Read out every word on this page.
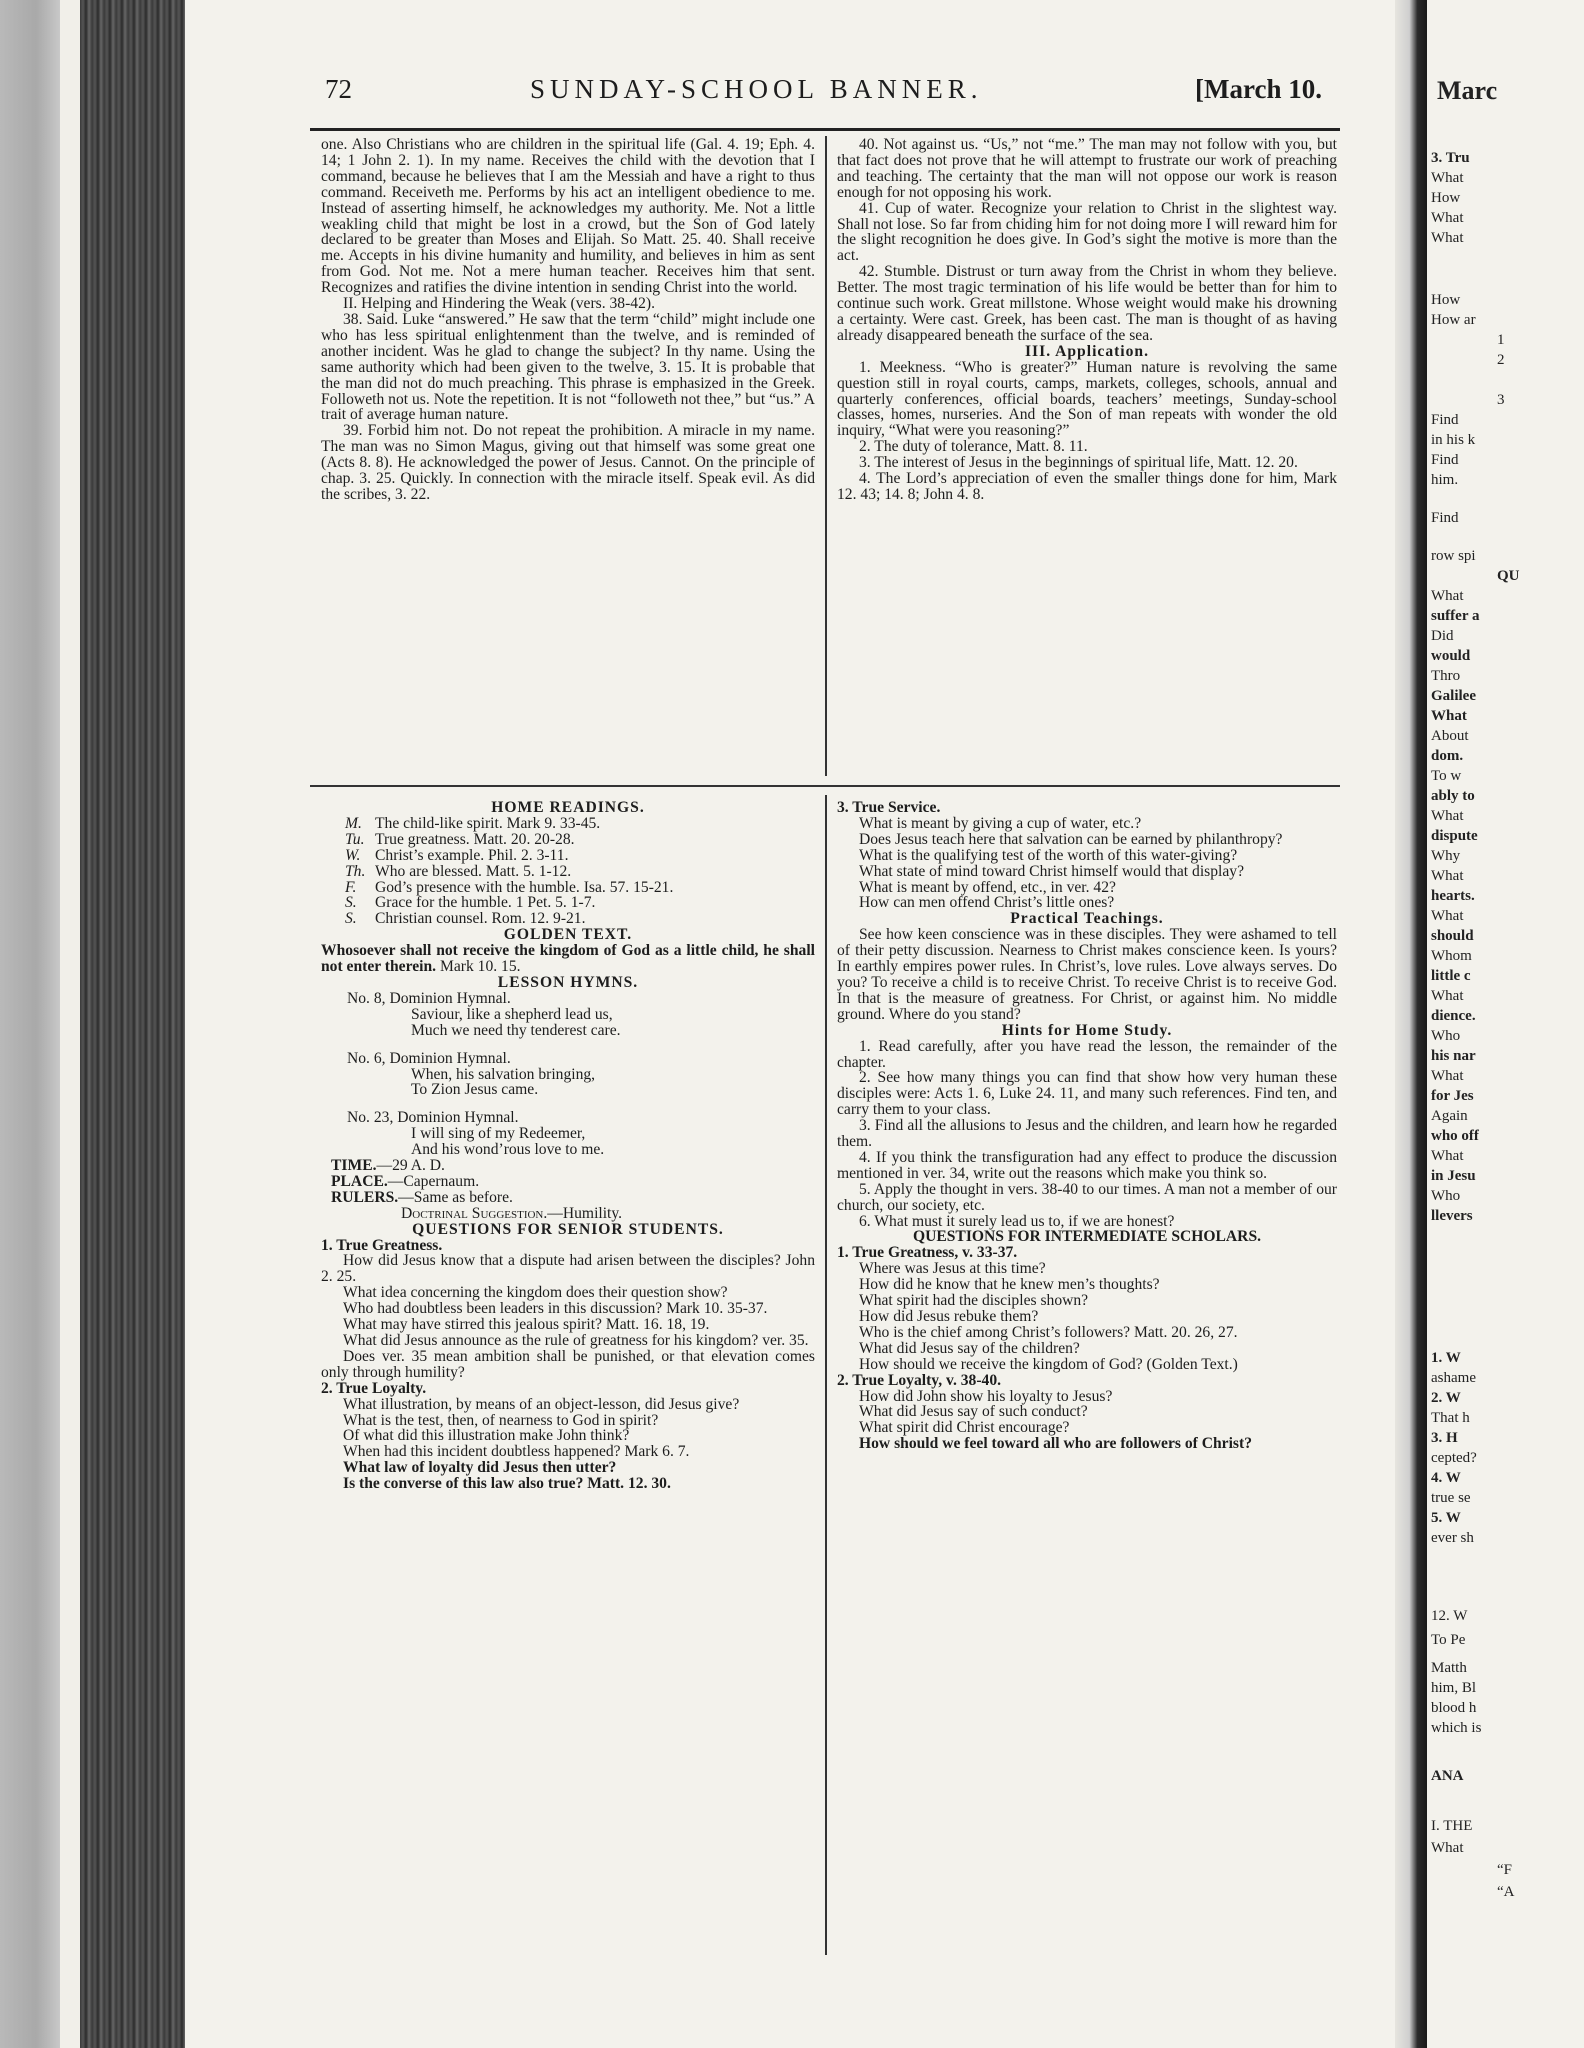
72	SUNDAY-SCHOOL BANNER.	[March 10.

one. Also Christians who are children in the spiritual life (Gal. 4. 19; Eph. 4. 14; 1 John 2. 1). In my name. Receives the child with the devotion that I command, because he believes that I am the Messiah and have a right to thus command. Receiveth me. Performs by his act an intelligent obedience to me. Instead of asserting himself, he acknowledges my authority. Me. Not a little weakling child that might be lost in a crowd, but the Son of God lately declared to be greater than Moses and Elijah. So Matt. 25. 40. Shall receive me. Accepts in his divine humanity and humility, and believes in him as sent from God. Not me. Not a mere human teacher. Receives him that sent. Recognizes and ratifies the divine intention in sending Christ into the world.

II. Helping and Hindering the Weak (vers. 38-42).

38. Said. Luke “answered.” He saw that the term “child” might include one who has less spiritual enlightenment than the twelve, and is reminded of another incident. Was he glad to change the subject? In thy name. Using the same authority which had been given to the twelve, 3. 15. It is probable that the man did not do much preaching. This phrase is emphasized in the Greek. Followeth not us. Note the repetition. It is not “followeth not thee,” but “us.” A trait of average human nature.

39. Forbid him not. Do not repeat the prohibition. A miracle in my name. The man was no Simon Magus, giving out that himself was some great one (Acts 8. 8). He acknowledged the power of Jesus. Cannot. On the principle of chap. 3. 25. Quickly. In connection with the miracle itself. Speak evil. As did the scribes, 3. 22.

40. Not against us. “Us,” not “me.” The man may not follow with you, but that fact does not prove that he will attempt to frustrate our work of preaching and teaching. The certainty that the man will not oppose our work is reason enough for not opposing his work.

41. Cup of water. Recognize your relation to Christ in the slightest way. Shall not lose. So far from chiding him for not doing more I will reward him for the slight recognition he does give. In God’s sight the motive is more than the act.

42. Stumble. Distrust or turn away from the Christ in whom they believe. Better. The most tragic termination of his life would be better than for him to continue such work. Great millstone. Whose weight would make his drowning a certainty. Were cast. Greek, has been cast. The man is thought of as having already disappeared beneath the surface of the sea.

III. Application.

1. Meekness. “Who is greater?” Human nature is revolving the same question still in royal courts, camps, markets, colleges, schools, annual and quarterly conferences, official boards, teachers’ meetings, Sunday-school classes, homes, nurseries. And the Son of man repeats with wonder the old inquiry, “What were you reasoning?”

2. The duty of tolerance, Matt. 8. 11.

3. The interest of Jesus in the beginnings of spiritual life, Matt. 12. 20.

4. The Lord’s appreciation of even the smaller things done for him, Mark 12. 43; 14. 8; John 4. 8.

HOME READINGS.

M. The child-like spirit. Mark 9. 33-45.

Tu. True greatness. Matt. 20. 20-28.

W. Christ’s example. Phil. 2. 3-11.

Th. Who are blessed. Matt. 5. 1-12.

F. God’s presence with the humble. Isa. 57. 15-21.

S. Grace for the humble. 1 Pet. 5. 1-7.

S. Christian counsel. Rom. 12. 9-21.

GOLDEN TEXT.

Whosoever shall not receive the kingdom of God as a little child, he shall not enter therein. Mark 10. 15.

LESSON HYMNS.

No. 8, Dominion Hymnal.

Saviour, like a shepherd lead us,

Much we need thy tenderest care.

No. 6, Dominion Hymnal.

When, his salvation bringing,

To Zion Jesus came.

No. 23, Dominion Hymnal.

I will sing of my Redeemer,

And his wond’rous love to me.

TIME.—29 A. D.

PLACE.—Capernaum.

RULERS.—Same as before.

Doctrinal Suggestion.—Humility.

QUESTIONS FOR SENIOR STUDENTS.

1. True Greatness.

How did Jesus know that a dispute had arisen between the disciples? John 2. 25.

What idea concerning the kingdom does their question show?

Who had doubtless been leaders in this discussion? Mark 10. 35-37.

What may have stirred this jealous spirit? Matt. 16. 18, 19.

What did Jesus announce as the rule of greatness for his kingdom? ver. 35.

Does ver. 35 mean ambition shall be punished, or that elevation comes only through humility?

2. True Loyalty.

What illustration, by means of an object-lesson, did Jesus give?

What is the test, then, of nearness to God in spirit?

Of what did this illustration make John think?

When had this incident doubtless happened? Mark 6. 7.

What law of loyalty did Jesus then utter?

Is the converse of this law also true? Matt. 12. 30.

3. True Service.

What is meant by giving a cup of water, etc.?

Does Jesus teach here that salvation can be earned by philanthropy?

What is the qualifying test of the worth of this water-giving?

What state of mind toward Christ himself would that display?

What is meant by offend, etc., in ver. 42?

How can men offend Christ’s little ones?

Practical Teachings.

See how keen conscience was in these disciples. They were ashamed to tell of their petty discussion. Nearness to Christ makes conscience keen. Is yours? In earthly empires power rules. In Christ’s, love rules. Love always serves. Do you? To receive a child is to receive Christ. To receive Christ is to receive God. In that is the measure of greatness. For Christ, or against him. No middle ground. Where do you stand?

Hints for Home Study.

1. Read carefully, after you have read the lesson, the remainder of the chapter.

2. See how many things you can find that show how very human these disciples were: Acts 1. 6, Luke 24. 11, and many such references. Find ten, and carry them to your class.

3. Find all the allusions to Jesus and the children, and learn how he regarded them.

4. If you think the transfiguration had any effect to produce the discussion mentioned in ver. 34, write out the reasons which make you think so.

5. Apply the thought in vers. 38-40 to our times. A man not a member of our church, our society, etc.

6. What must it surely lead us to, if we are honest?

QUESTIONS FOR INTERMEDIATE SCHOLARS.

1. True Greatness, v. 33-37.

Where was Jesus at this time?

How did he know that he knew men’s thoughts?

What spirit had the disciples shown?

How did Jesus rebuke them?

Who is the chief among Christ’s followers? Matt. 20. 26, 27.

What did Jesus say of the children?

How should we receive the kingdom of God? (Golden Text.)

2. True Loyalty, v. 38-40.

How did John show his loyalty to Jesus?

What did Jesus say of such conduct?

What spirit did Christ encourage?

How should we feel toward all who are followers of Christ?

Marc
3. Tru
What
How
What
What
How
How ar
1
2
3
Find
in his k
Find
him.
Find
row spi
QU
What
suffer a
Did
would
Thro
Galilee
What
About
dom.
To w
ably to
What
dispute
Why
What
hearts.
What
should
Whom
little c
What
dience.
Who
his nar
What
for Jes
Again
who off
What
in Jesu
Who
llevers
1. W
ashame
2. W
That h
3. H
cepted?
4. W
true se
5. W
ever sh
12. W
To Pe
Matth
him, Bl
blood h
which is
ANA
I. THE
What
“F
“A
